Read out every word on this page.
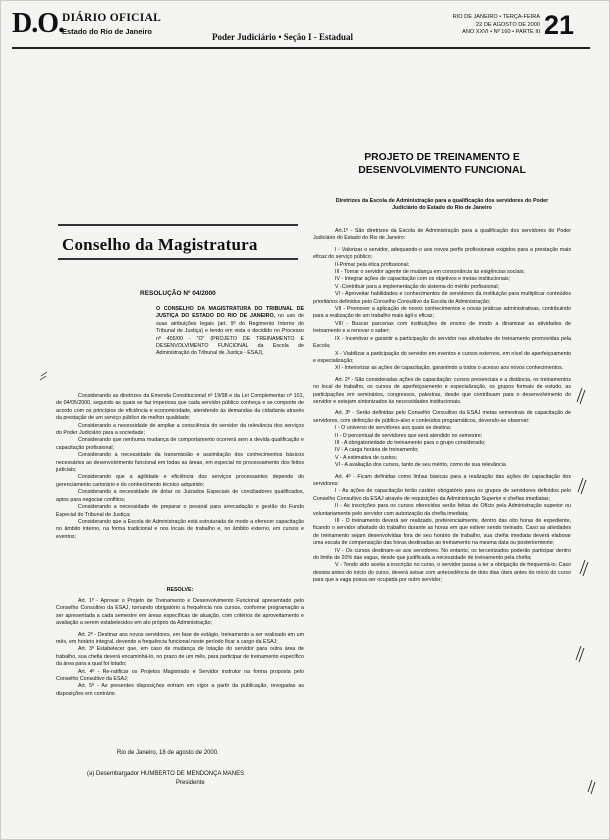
D.O.
DIÁRIO OFICIAL
Estado do Rio de Janeiro
Poder Judiciário • Seção I - Estadual
RIO DE JANEIRO • TERÇA-FEIRA
22 DE AGOSTO DE 2000
ANO XXVI • Nº 160 • PARTE III 21
Conselho da Magistratura
RESOLUÇÃO Nº 04/2000

O CONSELHO DA MAGISTRATURA DO TRIBUNAL DE JUSTIÇA DO ESTADO DO RIO DE JANEIRO, no uso de suas atribuições legais (art. 9º do Regimento Interno do Tribunal de Justiça) e tendo em vista o decidido no Processo nº 455/00 - "O" (PROJETO DE TREINAMENTO E DESENVOLVIMENTO FUNCIONAL da Escola de Administração do Tribunal de Justiça - ESAJ),

Considerando as diretrizes da Emenda Constitucional nº 19/98 e da Lei Complementar nº 101, de 04/05/2000, segundo as quais se faz imperiosa que cada servidor público conheça e se comporte de acordo com os princípios de eficiência e economicidade, atendendo às demandas da cidadania através da prestação de um serviço público de melhor qualidade;

Considerando a necessidade de ampliar a consciência do servidor da relevância dos serviços do Poder Judiciário para a sociedade;

Considerando que nenhuma mudança de comportamento ocorrerá sem a devida qualificação e capacitação profissional;

Considerando a necessidade da transmissão e assimilação dos conhecimentos básicos necessários ao desenvolvimento funcional em todas as áreas, em especial no processamento dos feitos judiciais;

Considerando que a agilidade e eficiência dos serviços processantes depende do gerenciamento cartorário e do conhecimento técnico adquirido;

Considerando a necessidade de dotar os Juizados Especiais de conciliadores qualificados, aptos para negociar conflitos;

Considerando a necessidade de preparar o pessoal para arrecadação e gestão do Fundo Especial do Tribunal de Justiça;

Considerando que a Escola de Administração está estruturada de modo a oferecer capacitação no âmbito interno, na forma tradicional e nos locais de trabalho e, no âmbito externo, em cursos e eventos;

RESOLVE:

Art. 1º - Aprovar o Projeto de Treinamento e Desenvolvimento Funcional apresentado pelo Conselho Consultivo da ESAJ, tornando obrigatório a frequência nos cursos, conforme programação a ser apresentada a cada semestre em áreas específicas de atuação, com critérios de aproveitamento e avaliação a serem estabelecidos em ato próprio da Administração;

Art. 2º - Destinar aos novos servidores, em fase de estágio, treinamento a ser realizado em um mês, em horário integral, devendo a frequência funcional neste período ficar a cargo da ESAJ;

Art. 3º Estabelecer que, em caso de mudança de lotação do servidor para outra área de trabalho, sua chefia deverá encaminhá-lo, no prazo de um mês, para participar de treinamento específico da área para a qual foi lotado;

Art. 4º - Re-ratificar os Projetos Magistrado e Servidor instrutor na forma proposta pelo Conselho Consultivo da ESAJ;

Art. 5º - As presentes disposições entram em vigor a partir da publicação, revogadas as disposições em contrário.

Rio de Janeiro, 18 de agosto de 2000.
(a) Desembargador HUMBERTO DE MENDONÇA MANES
Presidente
PROJETO DE TREINAMENTO E
DESENVOLVIMENTO FUNCIONAL
Diretrizes da Escola de Administração para a qualificação dos servidores do Poder Judiciário do Estado do Rio de Janeiro

Art.1º - São diretrizes da Escola de Administração para a qualificação dos servidores do Poder Judiciário do Estado do Rio de Janeiro:

I - Valorizar o servidor, adequando-o aos novos perfis profissionais exigidos para a prestação mais eficaz do serviço público;

II-Primar pela ética profissional;

III - Tornar o servidor agente de mudança em consonância às exigências sociais;

IV - Integrar ações de capacitação com os objetivos e metas institucionais;

V -Contribuir para a implementação do sistema do mérito profissional;

VI - Aproveitar habilidades e conhecimentos de servidores da instituição para multiplicar conteúdos prioritários definidos pelo Conselho Consultivo da Escola de Administração;

VII - Promover a aplicação de novos conhecimentos e novas práticas administrativas, contribuindo para a realização de um trabalho mais ágil e eficaz;

VIII - Buscar parcerias com instituições de ensino de modo a dinamizar as atividades de treinamento e a renovar o saber;

IX - Incentivar e garantir a participação do servidor nas atividades de treinamento promovidas pela Escola;

X - Viabilizar a participação do servidor em eventos e cursos externos, em nível de aperfeiçoamento e especialização;

XI - Interiorizar as ações de capacitação, garantindo a todos o acesso aos novos conhecimentos.

Art. 2º - São consideradas ações de capacitação: cursos presenciais e a distância, os treinamentos no local de trabalho, os cursos de aperfeiçoamento e especialização, os grupos formais de estudo, as participações em seminários, congressos, palestras, desde que contribuam para o desenvolvimento do servidor e estejam sintonizados às necessidades institucionais.

Art. 3º - Serão definidas pelo Conselho Consultivo da ESAJ metas semestrais de capacitação de servidores, com definição de público-alvo e conteúdos programáticos, devendo-se observar:

I - O universo de servidores aos quais se destina;

II - O percentual de servidores que será atendido no semestre;

III - A obrigatoriedade do treinamento para o grupo considerado;

IV - A carga horária de treinamento;

V - A estimativa de custos;

VI - A avaliação dos cursos, tanto de seu mérito, como de sua relevância

Art. 4º - Ficam definidas como linhas básicas para a realização das ações de capacitação dos servidores:

I - As ações de capacitação terão caráter obrigatório para os grupos de servidores definidos pelo Conselho Consultivo da ESAJ através de requisições da Administração Superior e chefias imediatas;

II - As inscrições para os cursos oferecidos serão feitas de Ofício pela Administração superior ou voluntariamente pelo servidor com autorização da chefia imediata;

III - O treinamento deverá ser realizado, preferencialmente, dentro das oito horas de expediente, ficando o servidor afastado do trabalho durante as horas em que estiver sendo treinado. Caso as atividades de treinamento sejam desenvolvidas fora de seu horário de trabalho, sua chefia imediata deverá elaborar uma escala de compensação das horas destinadas ao treinamento na mesma data ou posteriormente;

IV - Os cursos destinam-se aos servidores. No entanto, os terceirizados poderão participar dentro do limite de 20% das vagas, desde que justificada a necessidade de treinamento pela chefia;

V - Tendo sido aceita a inscrição no curso, o servidor passa a ter a obrigação de frequentá-lo. Caso desista antes do início do curso, deverá avisar com antecedência de dois dias úteis antes do início do curso para que a vaga possa ser ocupada por outro servidor;
